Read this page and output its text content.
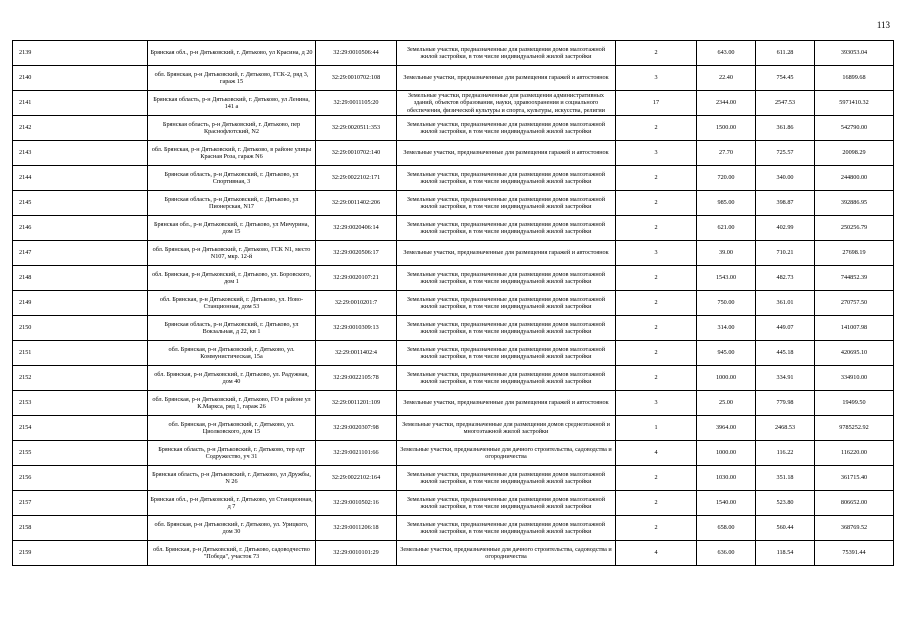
113
2139	Брянская обл., р-н Дятьковский, г. Дятьково, ул Красина, д 20	32:29:0010506:44	Земельные участки, предназначенные для размещения домов малоэтажной жилой застройки, в том числе индивидуальной жилой застройки	2	643.00	611.28	393053.04
2140	обл. Брянская, р-н Дятьковский, г. Дятьково, ГСК-2, ряд 3, гараж 15	32:29:0010702:108	Земельные участки, предназначенные для размещения гаражей и автостоянок	3	22.40	754.45	16899.68
2141	Брянская область, р-н Дятьковский, г. Дятьково, ул Ленина, 141 а	32:29:0011105:20	Земельные участки, предназначенные для размещения административных зданий, объектов образования, науки, здравоохранения и социального обеспечения, физической культуры и спорта, культуры, искусства, религии	17	2344.00	2547.53	5971410.32
2142	Брянская область, р-н Дятьковский, г. Дятьково, пер Краснофлотский, N2	32:29:0020511:353	Земельные участки, предназначенные для размещения домов малоэтажной жилой застройки, в том числе индивидуальной жилой застройки	2	1500.00	361.86	542790.00
2143	обл. Брянская, р-н Дятьковский, г. Дятьково, в районе улицы Красная Роза, гараж N6	32:29:0010702:140	Земельные участки, предназначенные для размещения гаражей и автостоянок	3	27.70	725.57	20098.29
2144	Брянская область, р-н Дятьковский, г. Дятьково, ул Спортивная, 3	32:29:0022102:171	Земельные участки, предназначенные для размещения домов малоэтажной жилой застройки, в том числе индивидуальной жилой застройки	2	720.00	340.00	244800.00
2145	Брянская область, р-н Дятьковский, г. Дятьково, ул Пионерская, N17	32:29:0011402:206	Земельные участки, предназначенные для размещения домов малоэтажной жилой застройки, в том числе индивидуальной жилой застройки	2	985.00	398.87	392886.95
2146	Брянская обл., р-н Дятьковский, г. Дятьково, ул Мичурина, дом 15	32:29:0020406:14	Земельные участки, предназначенные для размещения домов малоэтажной жилой застройки, в том числе индивидуальной жилой застройки	2	621.00	402.99	250256.79
2147	обл. Брянская, р-н Дятьковский, г. Дятьково, ГСК N1, место N107, мкр. 12-й	32:29:0020506:17	Земельные участки, предназначенные для размещения гаражей и автостоянок	3	39.00	710.21	27698.19
2148	обл. Брянская, р-н Дятьковский, г. Дятьково, ул. Боровского, дом 1	32:29:0020107:21	Земельные участки, предназначенные для размещения домов малоэтажной жилой застройки, в том числе индивидуальной жилой застройки	2	1543.00	482.73	744852.39
2149	обл. Брянская, р-н Дятьковский, г. Дятьково, ул. Ново-Станционная, дом 53	32:29:0010201:7	Земельные участки, предназначенные для размещения домов малоэтажной жилой застройки, в том числе индивидуальной жилой застройки	2	750.00	361.01	270757.50
2150	Брянская область, р-н Дятьковский, г. Дятьково, ул Вокзальная, д 22, кв 1	32:29:0010309:13	Земельные участки, предназначенные для размещения домов малоэтажной жилой застройки, в том числе индивидуальной жилой застройки	2	314.00	449.07	141007.98
2151	обл. Брянская, р-н Дятьковский, г. Дятьково, ул. Коммунистическая, 15а	32:29:0011402:4	Земельные участки, предназначенные для размещения домов малоэтажной жилой застройки, в том числе индивидуальной жилой застройки	2	945.00	445.18	420695.10
2152	обл. Брянская, р-н Дятьковский, г. Дятьково, ул. Радужная, дом 40	32:29:0022105:78	Земельные участки, предназначенные для размещения домов малоэтажной жилой застройки, в том числе индивидуальной жилой застройки	2	1000.00	334.91	334910.00
2153	обл. Брянская, р-н Дятьковский, г. Дятьково, ГО в районе ул К.Маркса, ряд 1, гараж 26	32:29:0011201:109	Земельные участки, предназначенные для размещения гаражей и автостоянок	3	25.00	779.98	19499.50
2154	обл. Брянская, р-н Дятьковский, г. Дятьково, ул. Циолковского, дом 15	32:29:0020307:98	Земельные участки, предназначенные для размещения домов среднеэтажной и многоэтажной жилой застройки	1	3964.00	2468.53	9785252.92
2155	Брянская область, р-н Дятьковский, г. Дятьково, тер едт Содружество, уч 31	32:29:0021101:66	Земельные участки, предназначенные для дачного строительства, садоводства и огородничества	4	1000.00	116.22	116220.00
2156	Брянская область, р-н Дятьковский, г. Дятьково, ул Дружбы, N 26	32:29:0022102:164	Земельные участки, предназначенные для размещения домов малоэтажной жилой застройки, в том числе индивидуальной жилой застройки	2	1030.00	351.18	361715.40
2157	Брянская обл., р-н Дятьковский, г. Дятьково, ул Станционная, д 7	32:29:0010502:16	Земельные участки, предназначенные для размещения домов малоэтажной жилой застройки, в том числе индивидуальной жилой застройки	2	1540.00	523.80	806652.00
2158	обл. Брянская, р-н Дятьковский, г. Дятьково, ул. Урицкого, дом 30	32:29:0011206:18	Земельные участки, предназначенные для размещения домов малоэтажной жилой застройки, в том числе индивидуальной жилой застройки	2	658.00	560.44	368769.52
2159	обл. Брянская, р-н Дятьковский, г. Дятьково, садоводчество "Победа", участок 73	32:29:0010101:29	Земельные участки, предназначенные для дачного строительства, садоводства и огородничества	4	636.00	118.54	75391.44
